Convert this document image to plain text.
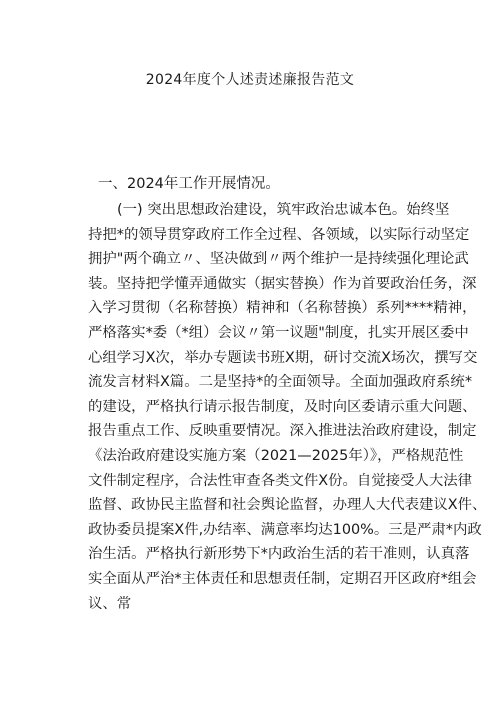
2024年度个人述责述廉报告范文
一、2024年工作开展情况。
(一) 突出思想政治建设，筑牢政治忠诚本色。始终坚
持把*的领导贯穿政府工作全过程、各领域，以实际行动坚定
拥护"两个确立〃、坚决做到〃两个维护一是持续强化理论武
装。坚持把学懂弄通做实（据实替换）作为首要政治任务，深
入学习贯彻（名称替换）精神和（名称替换）系列****精神，
严格落实*委（*组）会议〃第一议题"制度，扎实开展区委中
心组学习X次，举办专题读书班X期，研讨交流X场次，撰写交
流发言材料X篇。二是坚持*的全面领导。全面加强政府系统*
的建设，严格执行请示报告制度，及时向区委请示重大问题、
报告重点工作、反映重要情况。深入推进法治政府建设，制定
《法治政府建设实施方案（2021—2025年）》，严格规范性
文件制定程序，合法性审查各类文件X份。自觉接受人大法律
监督、政协民主监督和社会舆论监督，办理人大代表建议X件、
政协委员提案X件,办结率、满意率均达100%。三是严肃*内政
治生活。严格执行新形势下*内政治生活的若干准则，认真落
实全面从严治*主体责任和思想责任制，定期召开区政府*组会
议、常
